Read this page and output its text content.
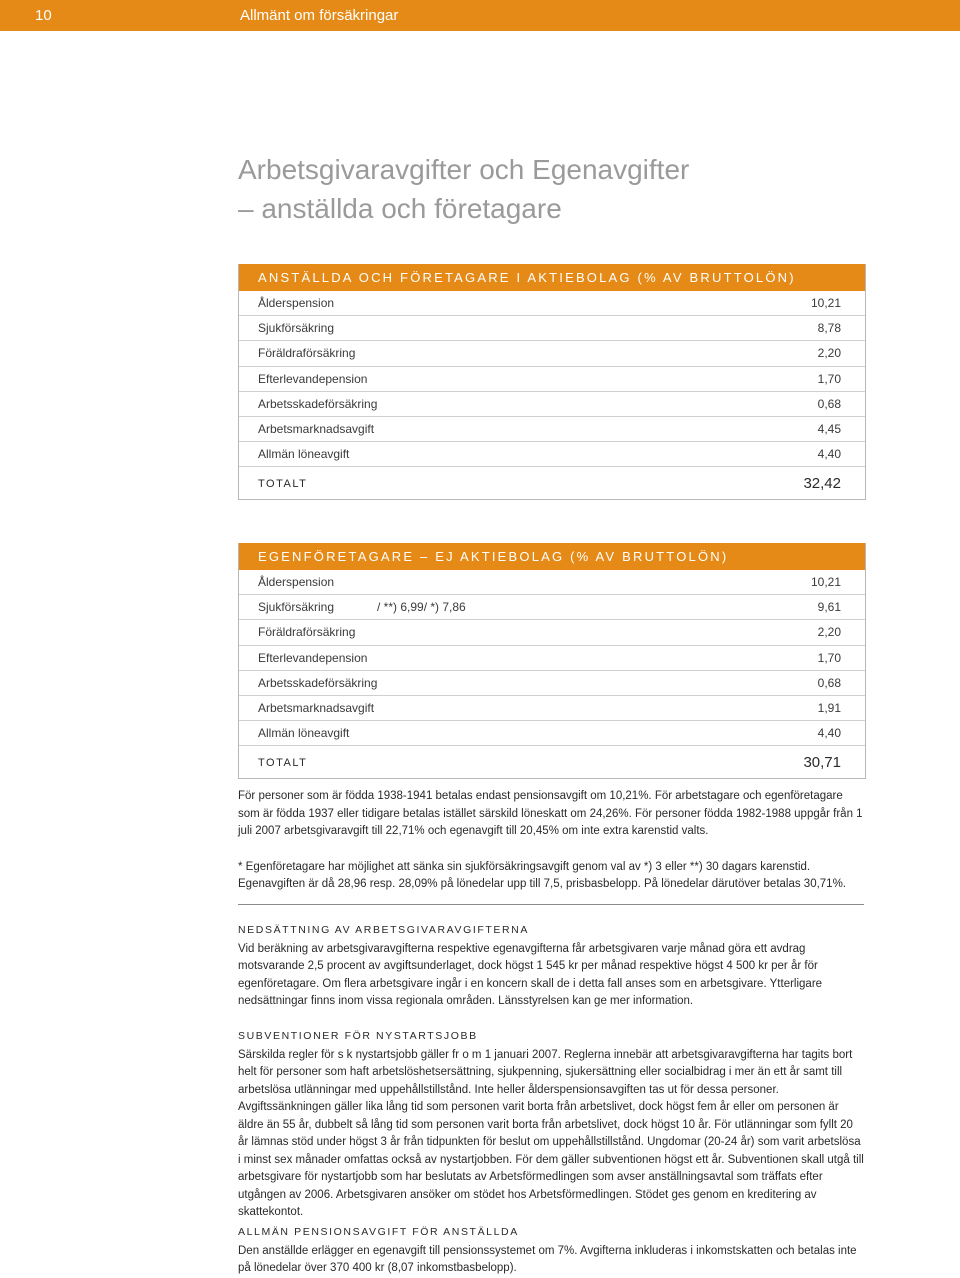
10	Allmänt om försäkringar
Arbetsgivaravgifter och Egenavgifter
– anställda och företagare
ANSTÄLLDA OCH FÖRETAGARE I AKTIEBOLAG (% AV BRUTTOLÖN)
Ålderspension	10,21
Sjukförsäkring	8,78
Föräldraförsäkring	2,20
Efterlevandepension	1,70
Arbetsskadeförsäkring	0,68
Arbetsmarknadsavgift	4,45
Allmän löneavgift	4,40
TOTALT	32,42
EGENFÖRETAGARE – EJ AKTIEBOLAG (% AV BRUTTOLÖN)
Ålderspension	10,21
Sjukförsäkring	/ **) 6,99/ *) 7,86	9,61
Föräldraförsäkring	2,20
Efterlevandepension	1,70
Arbetsskadeförsäkring	0,68
Arbetsmarknadsavgift	1,91
Allmän löneavgift	4,40
TOTALT	30,71

För personer som är födda 1938-1941 betalas endast pensionsavgift om 10,21%. För arbetstagare och egenföretagare som är födda 1937 eller tidigare betalas istället särskild löneskatt om 24,26%. För personer födda 1982-1988 uppgår från 1 juli 2007 arbetsgivaravgift till 22,71% och egenavgift till 20,45% om inte extra karenstid valts.

* Egenföretagare har möjlighet att sänka sin sjukförsäkringsavgift genom val av *) 3 eller **) 30 dagars karenstid. Egenavgiften är då 28,96 resp. 28,09% på lönedelar upp till 7,5, prisbasbelopp. På lönedelar därutöver betalas 30,71%.

NEDSÄTTNING AV ARBETSGIVARAVGIFTERNA

Vid beräkning av arbetsgivaravgifterna respektive egenavgifterna får arbetsgivaren varje månad göra ett avdrag motsvarande 2,5 procent av avgiftsunderlaget, dock högst 1 545 kr per månad respektive högst 4 500 kr per år för egenföretagare. Om flera arbetsgivare ingår i en koncern skall de i detta fall anses som en arbetsgivare. Ytterligare nedsättningar finns inom vissa regionala områden. Länsstyrelsen kan ge mer information.

SUBVENTIONER FÖR NYSTARTSJOBB

Särskilda regler för s k nystartsjobb gäller fr o m 1 januari 2007. Reglerna innebär att arbetsgivaravgifterna har tagits bort helt för personer som haft arbetslöshetsersättning, sjukpenning, sjukersättning eller socialbidrag i mer än ett år samt till arbetslösa utlänningar med uppehållstillstånd. Inte heller ålderspensionsavgiften tas ut för dessa personer. Avgiftssänkningen gäller lika lång tid som personen varit borta från arbetslivet, dock högst fem år eller om personen är äldre än 55 år, dubbelt så lång tid som personen varit borta från arbetslivet, dock högst 10 år. För utlänningar som fyllt 20 år lämnas stöd under högst 3 år från tidpunkten för beslut om uppehållstillstånd. Ungdomar (20-24 år) som varit arbetslösa i minst sex månader omfattas också av nystartjobben. För dem gäller subventionen högst ett år. Subventionen skall utgå till arbetsgivare för nystartjobb som har beslutats av Arbetsförmedlingen som avser anställningsavtal som träffats efter utgången av 2006. Arbetsgivaren ansöker om stödet hos Arbetsförmedlingen. Stödet ges genom en kreditering av skattekontot.

ALLMÄN PENSIONSAVGIFT FÖR ANSTÄLLDA

Den anställde erlägger en egenavgift till pensionssystemet om 7%. Avgifterna inkluderas i inkomstskatten och betalas inte på lönedelar över 370 400 kr (8,07 inkomstbasbelopp).
